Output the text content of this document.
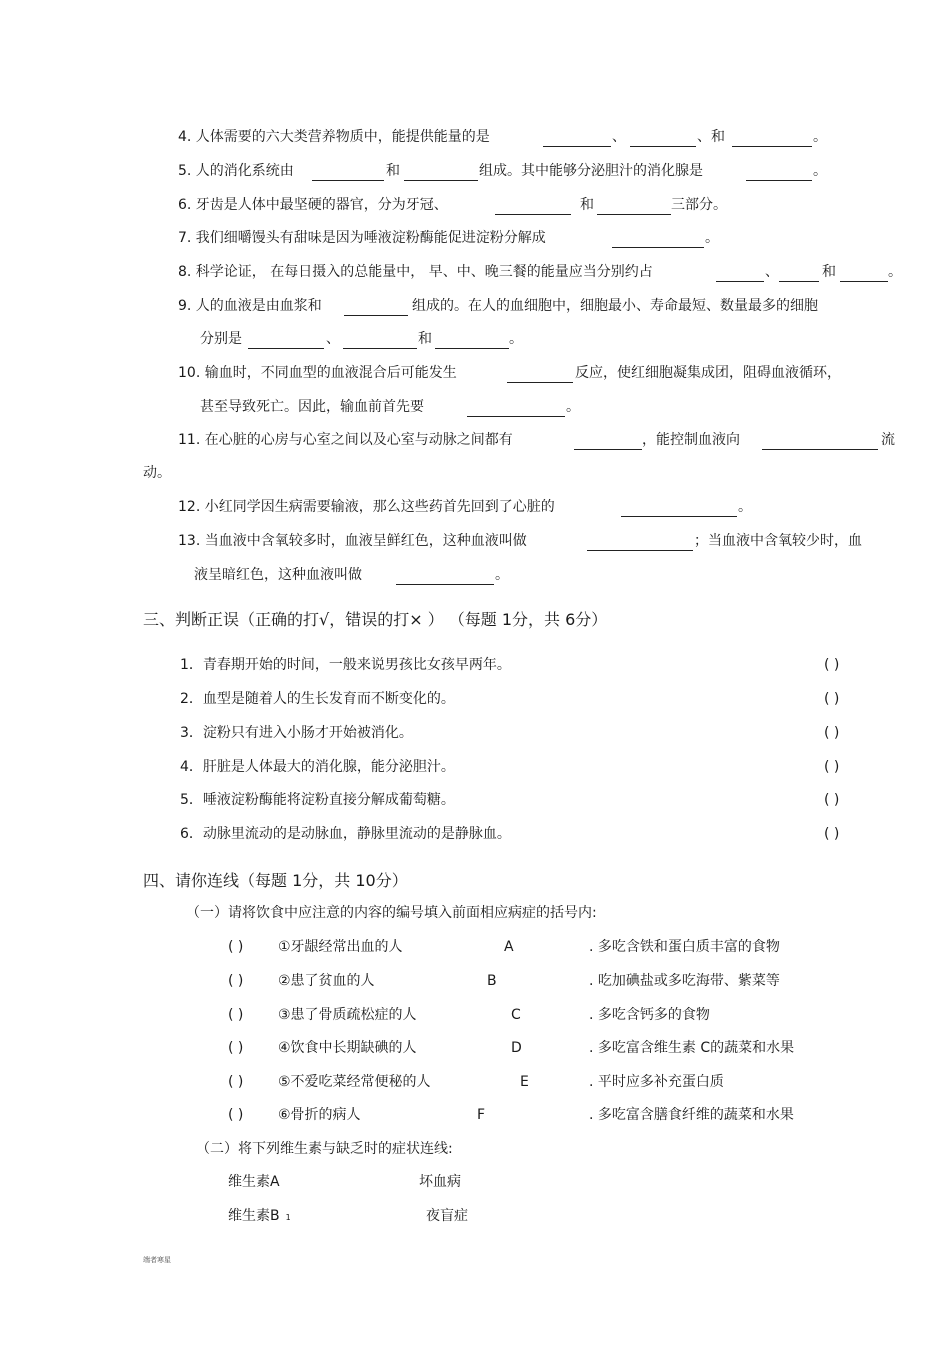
4. 人体需要的六大类营养物质中，能提供能量的是	、	、和	。
5. 人的消化系统由	和	组成。其中能够分泌胆汁的消化腺是	。
6. 牙齿是人体中最坚硬的器官，分为牙冠、	和	三部分。
7. 我们细嚼馒头有甜味是因为唾液淀粉酶能促进淀粉分解成	。
8. 科学论证， 在每日摄入的总能量中， 早、中、晚三餐的能量应当分别约占	、	和	。
9. 人的血液是由血浆和	组成的。在人的血细胞中，细胞最小、寿命最短、数量最多的细胞
分别是	、	和	。
10. 输血时，不同血型的血液混合后可能发生	反应，使红细胞凝集成团，阻碍血液循环，
甚至导致死亡。因此，输血前首先要	。
11. 在心脏的心房与心室之间以及心室与动脉之间都有	，能控制血液向	流
动。
12. 小红同学因生病需要输液，那么这些药首先回到了心脏的	。
13. 当血液中含氧较多时，血液呈鲜红色，这种血液叫做	；当血液中含氧较少时，血
液呈暗红色，这种血液叫做	。
三、判断正误（正确的打√，错误的打× ） （每题 1分，共 6分）
1．青春期开始的时间，一般来说男孩比女孩早两年。	( )
2．血型是随着人的生长发育而不断变化的。	( )
3．淀粉只有进入小肠才开始被消化。	( )
4．肝脏是人体最大的消化腺，能分泌胆汁。	( )
5．唾液淀粉酶能将淀粉直接分解成葡萄糖。	( )
6．动脉里流动的是动脉血，静脉里流动的是静脉血。	( )
四、请你连线（每题 1分，共 10分）
（一）请将饮食中应注意的内容的编号填入前面相应病症的括号内:
( ) ①牙龈经常出血的人	A	. 多吃含铁和蛋白质丰富的食物
( ) ②患了贫血的人	B	. 吃加碘盐或多吃海带、紫菜等
( ) ③患了骨质疏松症的人	C	. 多吃含钙多的食物
( ) ④饮食中长期缺碘的人	D	. 多吃富含维生素 C的蔬菜和水果
( ) ⑤不爱吃菜经常便秘的人	E	. 平时应多补充蛋白质
( ) ⑥骨折的病人	F	. 多吃富含膳食纤维的蔬菜和水果
（二）将下列维生素与缺乏时的症状连线:
维生素A	坏血病
维生素B 1	夜盲症
端者寒星
